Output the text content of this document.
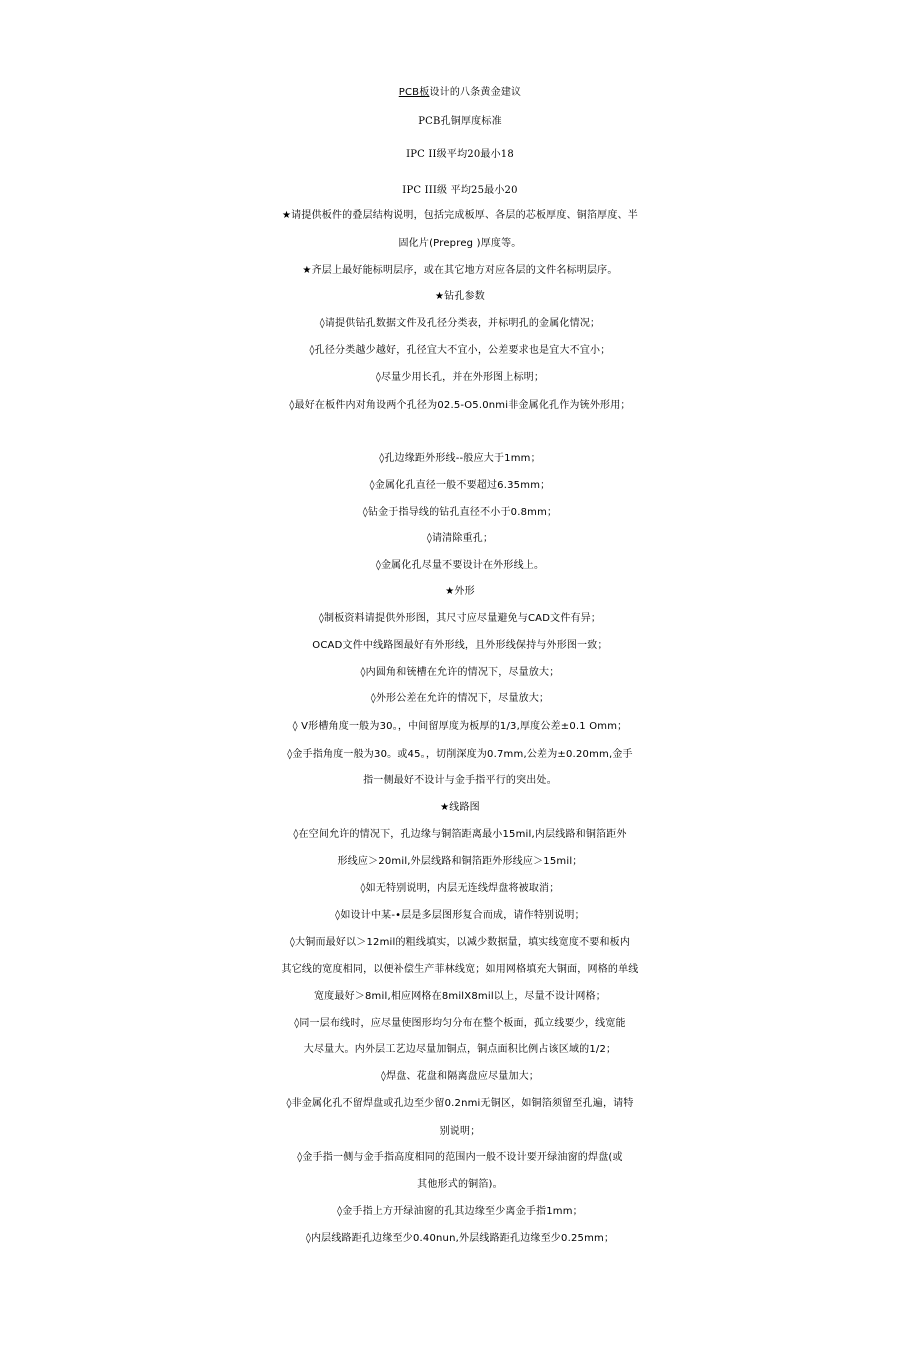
PCB板设计的八条黄金建议
PCB孔铜厚度标准
IPC II级平均20最小18
IPC III级 平均25最小20
★请提供板件的叠层结构说明，包括完成板厚、各层的芯板厚度、铜箔厚度、半
固化片(Prepreg )厚度等。
★齐层上最好能标明层序，或在其它地方对应各层的文件名标明层序。
★钻孔参数
◊请提供钻孔数据文件及孔径分类表，并标明孔的金属化情况；
◊孔径分类越少越好，孔径宜大不宜小，公差要求也是宜大不宜小；
◊尽量少用长孔，并在外形图上标明；
◊最好在板件内对角设两个孔径为02.5-O5.0nmi非金属化孔作为铳外形用；
◊孔边缘距外形线--般应大于1mm；
◊金属化孔直径一般不要超过6.35mm；
◊钻金于指导线的钻孔直径不小于0.8mm；
◊请清除重孔；
◊金属化孔尽量不要设计在外形线上。
★外形
◊制板资料请提供外形图，其尺寸应尽量避免与CAD文件有异；
OCAD文件中线路图最好有外形线，且外形线保持与外形图一致；
◊内圆角和铳槽在允许的情况下，尽量放大；
◊外形公差在允许的情况下，尽量放大；
◊ V形槽角度一般为30。，中间留厚度为板厚的1/3,厚度公差±0.1 Omm；
◊金手指角度一般为30。或45。，切削深度为0.7mm,公差为±0.20mm,金手
指一侧最好不设计与金手指平行的突出处。
★线路图
◊在空间允许的情况下，孔边缘与铜箔距离最小15mil,内层线路和铜箔距外
形线应＞20mil,外层线路和铜箔距外形线应＞15mil；
◊如无特别说明，内层无连线焊盘将被取消；
◊如设计中某-•层是多层图形复合而成，请作特别说明；
◊大铜而最好以＞12mil的粗线填实，以减少数据量，填实线宽度不要和板内
其它线的宽度相同，以便补偿生产菲林线宽；如用网格填充大铜面，网格的单线
宽度最好＞8mil,相应网格在8milX8mil以上，尽量不设计网格；
◊同一层布线时，应尽量使图形均匀分布在整个板面，孤立线要少，线宽能
大尽量大。内外层工艺边尽量加铜点，铜点面积比例占该区域的1/2；
◊焊盘、花盘和隔离盘应尽量加大；
◊非金属化孔不留焊盘或孔边至少留0.2nmi无铜区，如铜箔须留至孔遍，请特
别说明；
◊金手指一侧与金手指高度相同的范围内一般不设计要开绿油窗的焊盘(或
其他形式的铜箔)。
◊金手指上方开绿油窗的孔其边缘至少离金手指1mm；
◊内层线路距孔边缘至少0.40nun,外层线路距孔边缘至少0.25mm；
